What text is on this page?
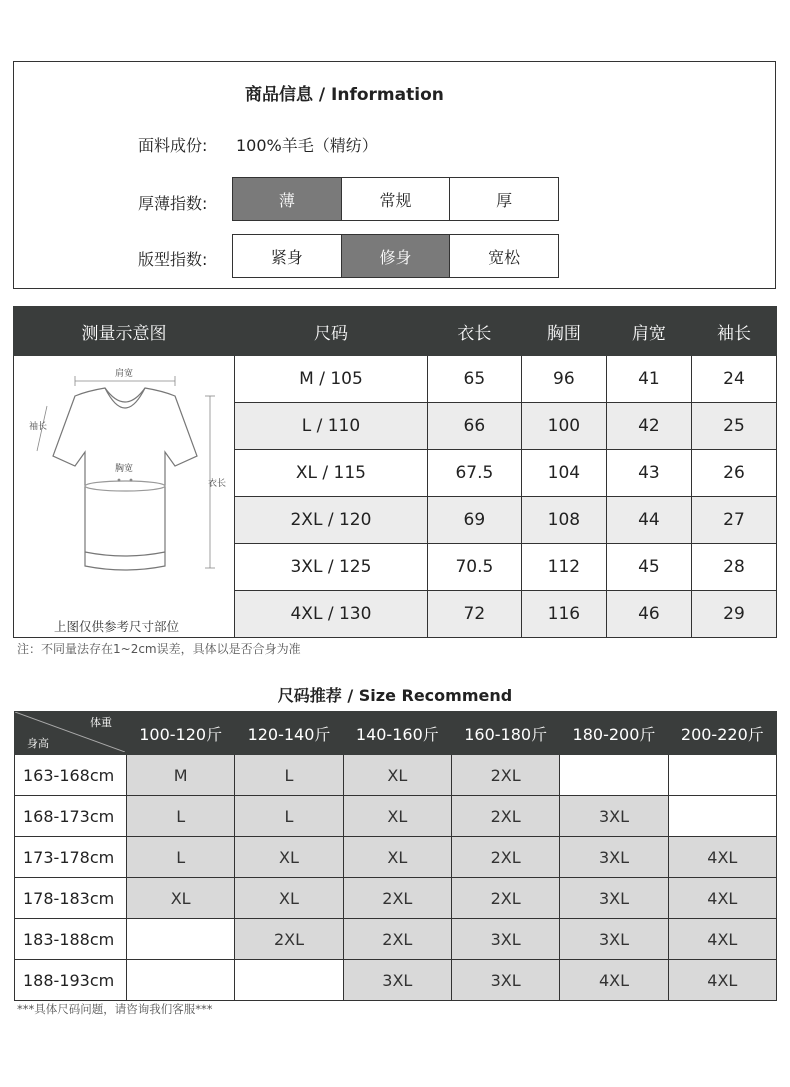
商品信息 / Information
面料成份: 100%羊毛（精纺）
厚薄指数:	薄	常规	厚
版型指数:	紧身	修身	宽松
测量示意图	尺码	衣长	胸围	肩宽	袖长

肩宽
袖长
胸宽
衣长
上图仅供参考尺寸部位	M / 105	65	96	41	24
	L / 110	66	100	42	25
	XL / 115	67.5	104	43	26
	2XL / 120	69	108	44	27
	3XL / 125	70.5	112	45	28
	4XL / 130	72	116	46	29
注：不同量法存在1~2cm误差，具体以是否合身为准
尺码推荐 / Size Recommend
体重
身高	100-120斤	120-140斤	140-160斤	160-180斤	180-200斤	200-220斤
163-168cm	M	L	XL	2XL		
168-173cm	L	L	XL	2XL	3XL	
173-178cm	L	XL	XL	2XL	3XL	4XL
178-183cm	XL	XL	2XL	2XL	3XL	4XL
183-188cm		2XL	2XL	3XL	3XL	4XL
188-193cm			3XL	3XL	4XL	4XL
***具体尺码问题，请咨询我们客服***
